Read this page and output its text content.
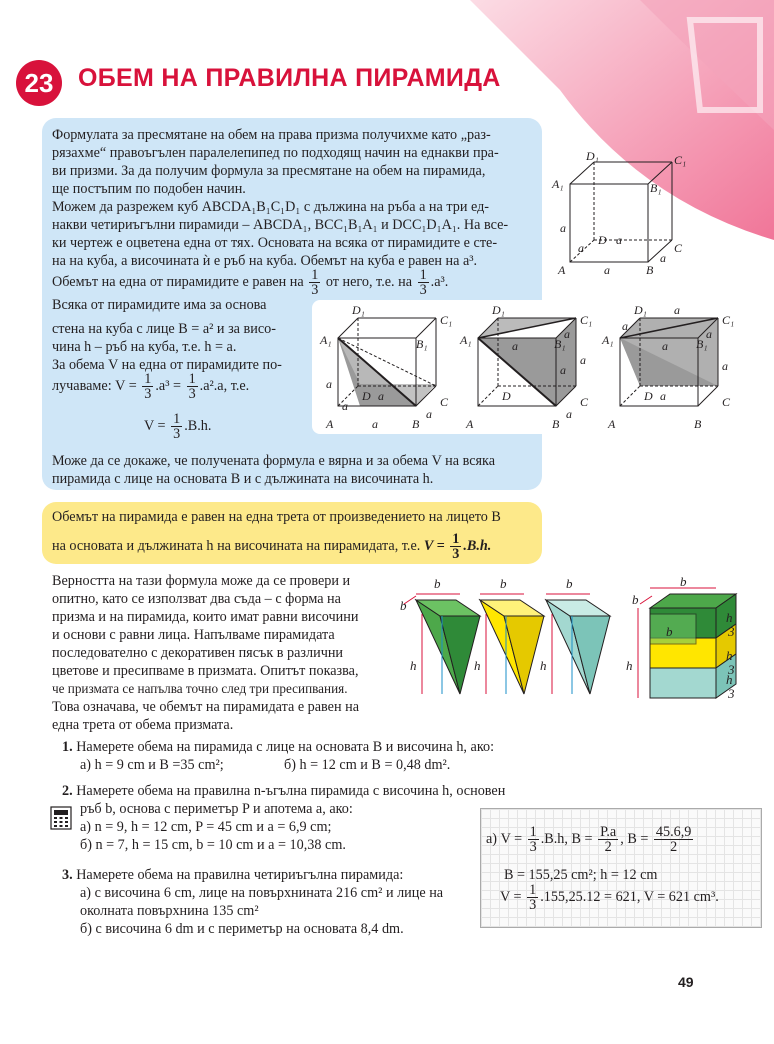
23 ОБЕМ НА ПРАВИЛНА ПИРАМИДА
Формулата за пресмятане на обем на права призма получихме като „раз-
рязахме“ правоъгълен паралелепипед по подходящ начин на еднакви пра-
ви призми. За да получим формула за пресмятане на обем на пирамида,
ще постъпим по подобен начин.
Можем да разрежем куб ABCDA₁B₁C₁D₁ с дължина на ръба a на три ед-
накви четириъгълни пирамиди – ABCDA₁, BCC₁B₁A₁ и DCC₁D₁A₁. На все-
ки чертеж е оцветена една от тях. Основата на всяка от пирамидите е сте-
на на куба, а височината ѝ е ръб на куба. Обемът на куба е равен на a³.
Обемът на една от пирамидите е равен на $\frac{1}{3}$ от него, т.е. на $\frac{1}{3} .a^3$.
Всяка от пирамидите има за основа
стена на куба с лице B = a² и за висо-
чина h – ръб на куба, т.е. h = a.
За обема V на една от пирамидите по-
лучаваме: $V = \frac{1}{3} .a^3 = \frac{1}{3} .a^2.a$, т.е.
$V = \frac{1}{3} .B.h$.
Може да се докаже, че получената формула е вярна и за обема V на всяка
пирамида с лице на основата B и с дължината на височината h.
D₁	C₁
A₁	B₁
a
D a
a	C
a
A	a	B
D₁
C₁
A₁	B₁
a
D a
a	C
a
A	a	B
D₁
C₁
A₁	B₁
a
a
a
a
D	C
a
A	B
D₁ a
C₁
a
A₁	a B₁
a
a
D a	C
A	B
Обемът на пирамида е равен на една трета от произведението на лицето B
на основата и дължината h на височината на пирамидата, т.е. $V = \frac{1}{3} .B.h$.
Верността на тази формула може да се провери и
опитно, като се използват два съда – с форма на
призма и на пирамида, които имат равни височини
и основи с равни лица. Напълваме пирамидата
последователно с декоративен пясък в различни
цветове и пресипваме в призмата. Опитът показва,
че призмата се напълва точно след три пресипвания.
Това означава, че обемът на пирамидата е равен на
една трета от обема призмата.
b	b	b	b
b	b
h	h	h	h
b
h
3
h
3
h
3
1. Намерете обема на пирамида с лице на основата B и височина h, ако:
а) h = 9 cm и B =35 cm²;	б) h = 12 cm и B = 0,48 dm².
2. Намерете обема на правилна n-ъгълна пирамида с височина h, основен
ръб b, основа с периметър P и апотема a, ако:
а) n = 9, h = 12 cm, P = 45 cm и a = 6,9 cm;
б) n = 7, h = 15 cm, b = 10 cm и a = 10,38 cm.
3. Намерете обема на правилна четириъгълна пирамида:
а) с височина 6 cm, лице на повърхнината 216 cm² и лице на
околната повърхнина 135 cm²
б) с височина 6 dm и с периметър на основата 8,4 dm.
а) $V = \frac{1}{3} .B.h$, $B = \frac{P.a}{2}$ , $B = \frac{45.6,9}{2}$
B = 155,25 cm²; h = 12 cm
$V = \frac{1}{3} .155,25.12 = 621$, V = 621 cm³.
49
